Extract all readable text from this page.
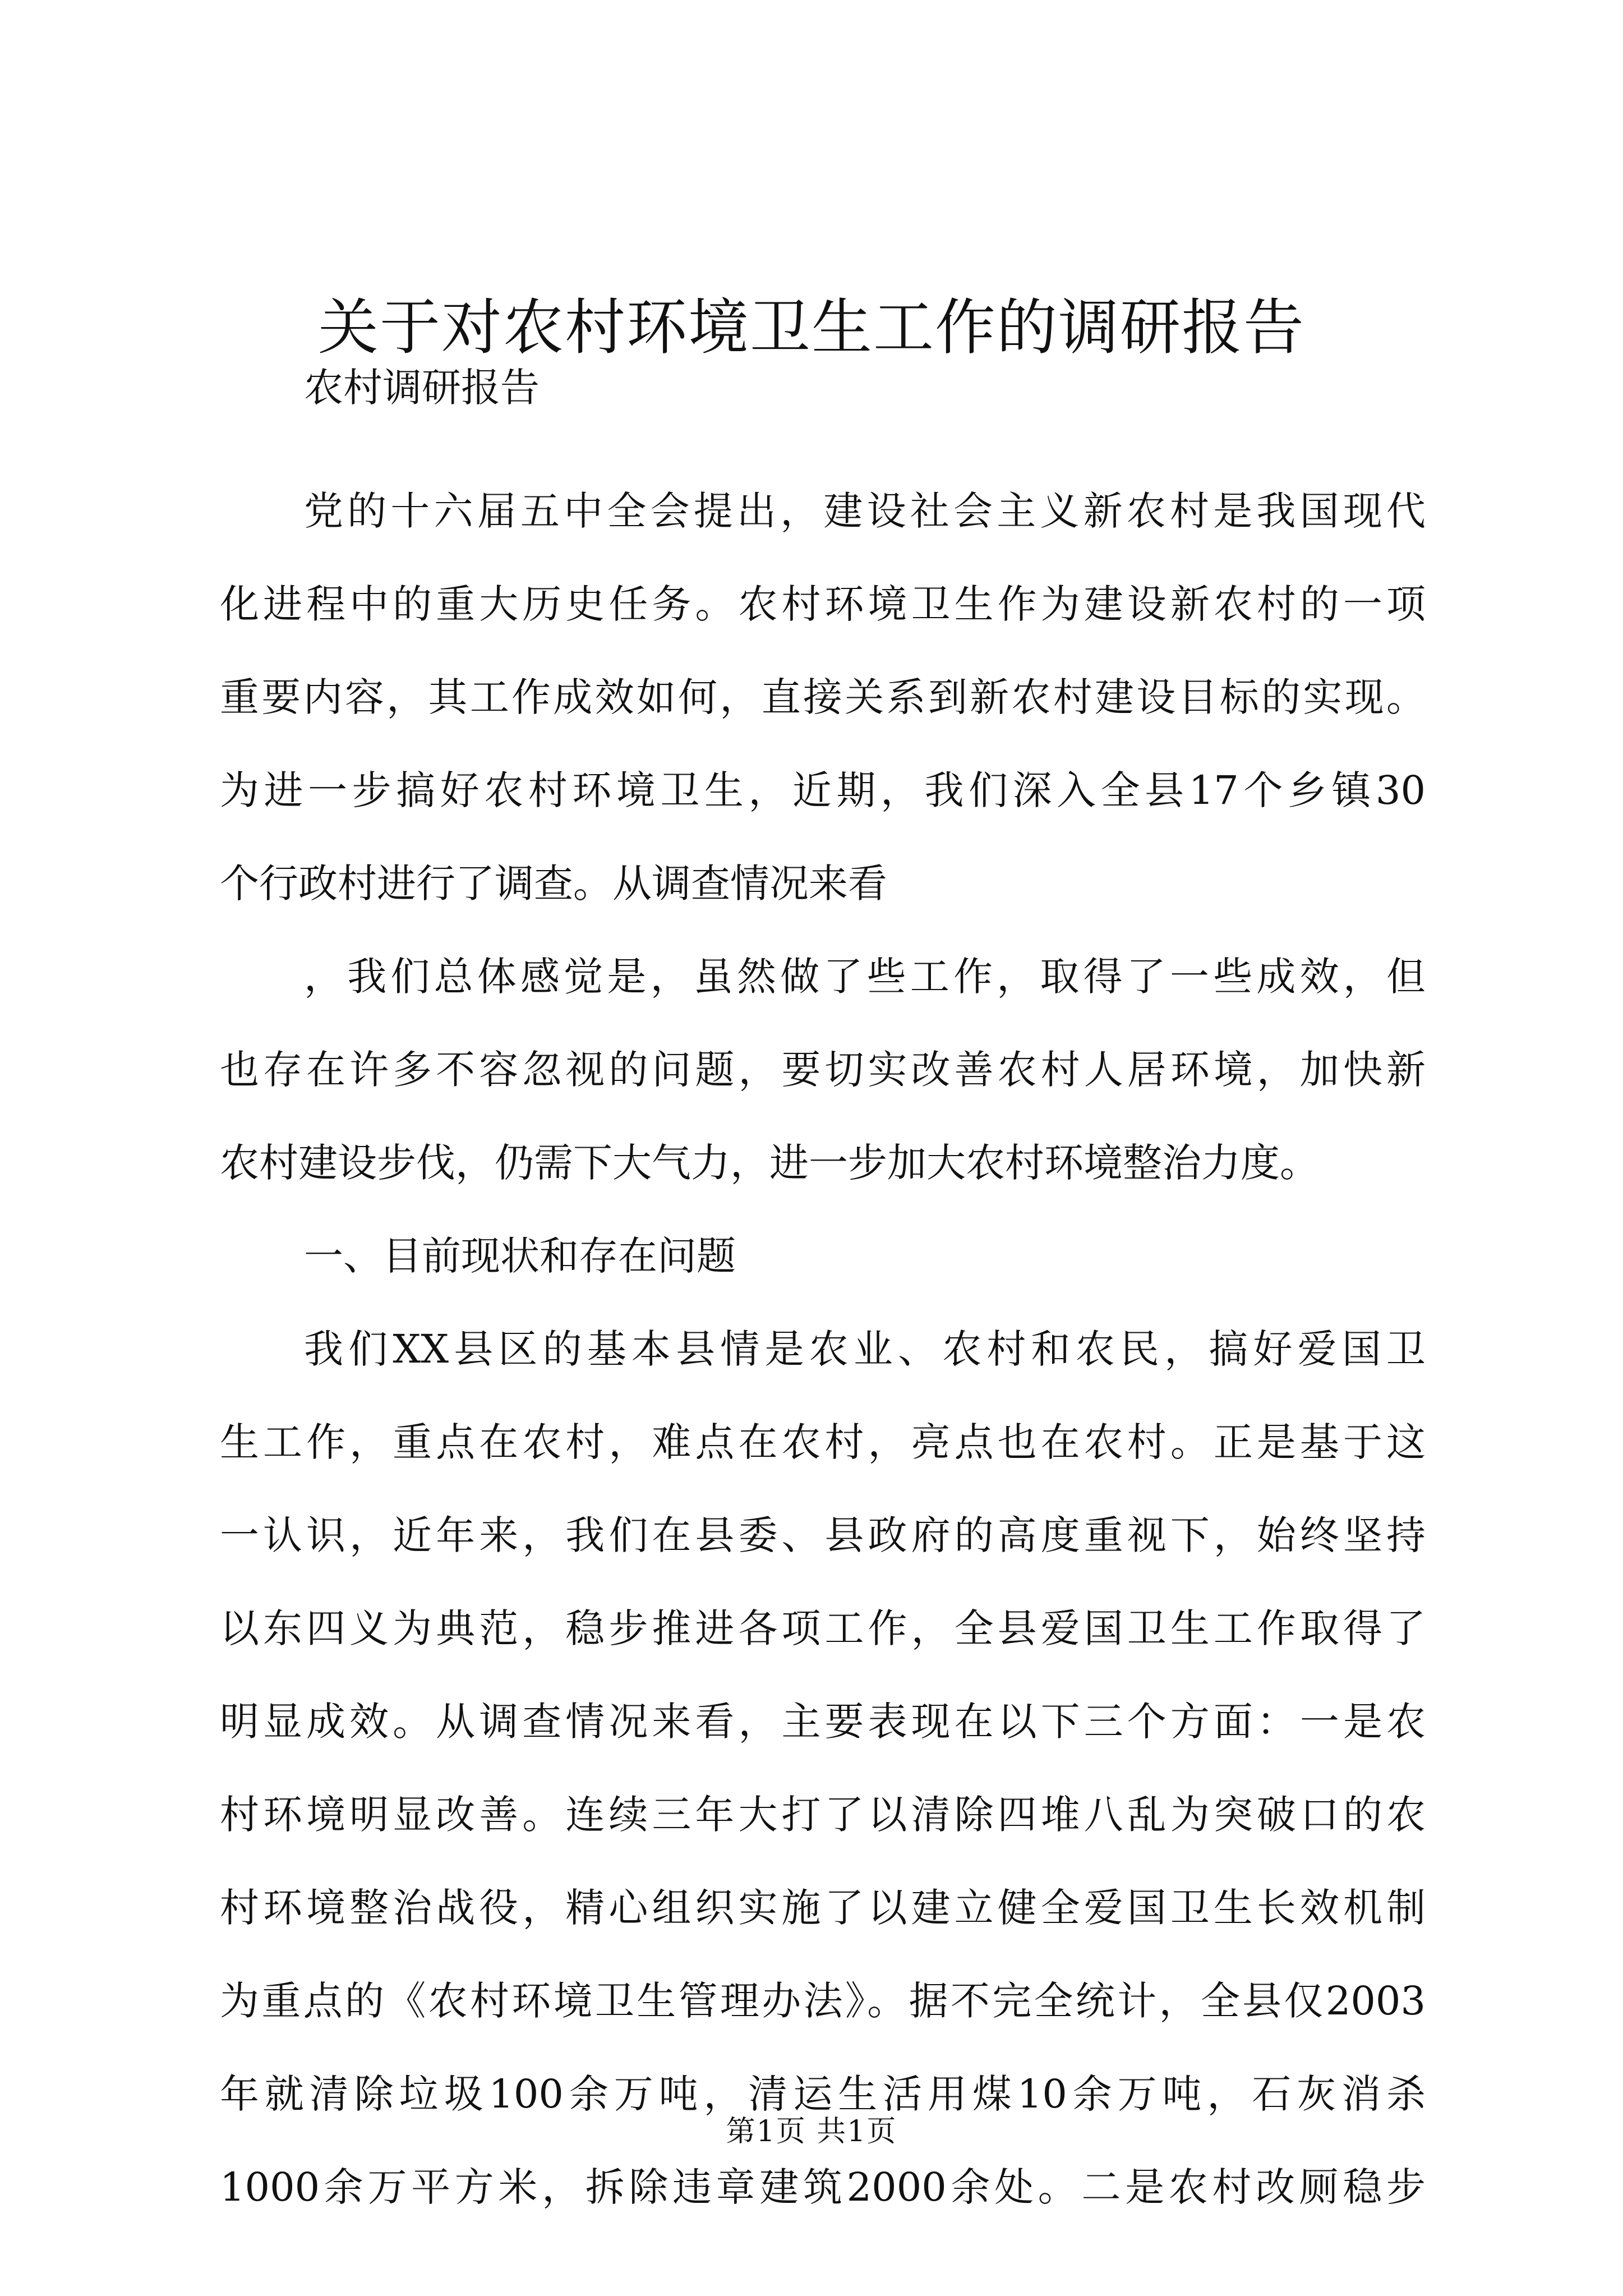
关于对农村环境卫生工作的调研报告

农村调研报告

党的十六届五中全会提出，建设社会主义新农村是我国现代
化进程中的重大历史任务。农村环境卫生作为建设新农村的一项
重要内容，其工作成效如何，直接关系到新农村建设目标的实现。
为进一步搞好农村环境卫生，近期，我们深入全县17个乡镇30
个行政村进行了调查。从调查情况来看
，我们总体感觉是，虽然做了些工作，取得了一些成效，但
也存在许多不容忽视的问题，要切实改善农村人居环境，加快新
农村建设步伐，仍需下大气力，进一步加大农村环境整治力度。
一、目前现状和存在问题
我们XX县区的基本县情是农业、农村和农民，搞好爱国卫
生工作，重点在农村，难点在农村，亮点也在农村。正是基于这
一认识，近年来，我们在县委、县政府的高度重视下，始终坚持
以东四义为典范，稳步推进各项工作，全县爱国卫生工作取得了
明显成效。从调查情况来看，主要表现在以下三个方面：一是农
村环境明显改善。连续三年大打了以清除四堆八乱为突破口的农
村环境整治战役，精心组织实施了以建立健全爱国卫生长效机制
为重点的《农村环境卫生管理办法》。据不完全统计，全县仅2003
年就清除垃圾100余万吨，清运生活用煤10余万吨，石灰消杀
1000余万平方米，拆除违章建筑2000余处。二是农村改厕稳步
第1页 共1页
